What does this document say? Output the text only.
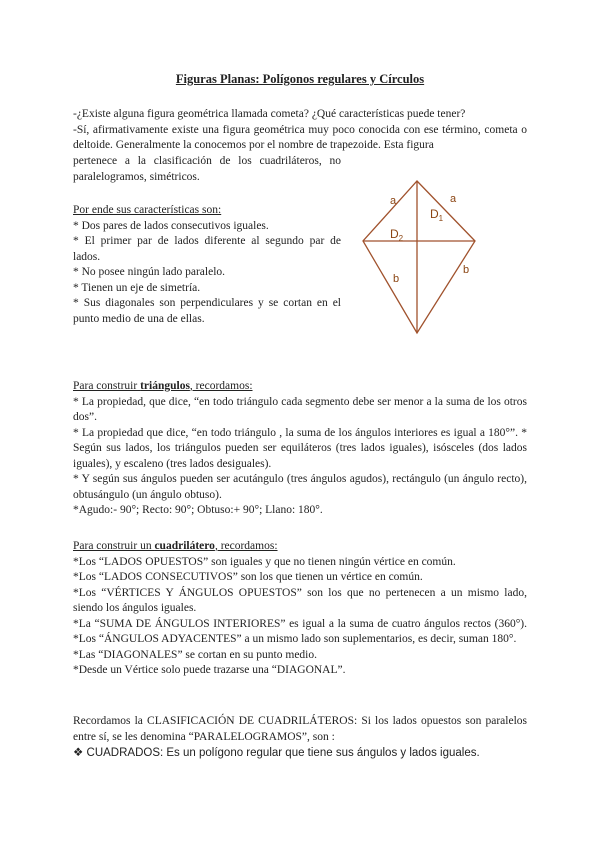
Figuras Planas: Polígonos regulares y Círculos

-¿Existe alguna figura geométrica llamada cometa? ¿Qué características puede tener?

-Sí, afirmativamente existe una figura geométrica muy poco conocida con ese término, cometa o deltoide. Generalmente la conocemos por el nombre de trapezoide. Esta figura

pertenece a la clasificación de los cuadriláteros, no paralelogramos, simétricos.

Por ende sus características son:

* Dos pares de lados consecutivos iguales.

* El primer par de lados diferente al segundo par de lados.

* No posee ningún lado paralelo.

* Tienen un eje de simetría.

* Sus diagonales son perpendiculares y se cortan en el punto medio de una de ellas.

a	a
b
b
$D_1$
$D_2$

Para construir triángulos, recordamos:

* La propiedad, que dice, “en todo triángulo cada segmento debe ser menor a la suma de los otros dos”.

* La propiedad que dice, “en todo triángulo , la suma de los ángulos interiores es igual a 180°”. * Según sus lados, los triángulos pueden ser equiláteros (tres lados iguales), isósceles (dos lados iguales), y escaleno (tres lados desiguales).

* Y según sus ángulos pueden ser acutángulo (tres ángulos agudos), rectángulo (un ángulo recto), obtusángulo (un ángulo obtuso).

*Agudo:- 90°; Recto: 90°; Obtuso:+ 90°; Llano: 180°.

Para construir un cuadrilátero, recordamos:

*Los “LADOS OPUESTOS” son iguales y que no tienen ningún vértice en común.

*Los “LADOS CONSECUTIVOS” son los que tienen un vértice en común.

*Los “VÉRTICES Y ÁNGULOS OPUESTOS” son los que no pertenecen a un mismo lado, siendo los ángulos iguales.

*La “SUMA DE ÁNGULOS INTERIORES” es igual a la suma de cuatro ángulos rectos (360°). *Los “ÁNGULOS ADYACENTES” a un mismo lado son suplementarios, es decir, suman 180°.

*Las “DIAGONALES” se cortan en su punto medio.

*Desde un Vértice solo puede trazarse una “DIAGONAL”.

Recordamos la CLASIFICACIÓN DE CUADRILÁTEROS: Si los lados opuestos son paralelos entre sí, se les denomina “PARALELOGRAMOS”, son :

❖ CUADRADOS: Es un polígono regular que tiene sus ángulos y lados iguales.
